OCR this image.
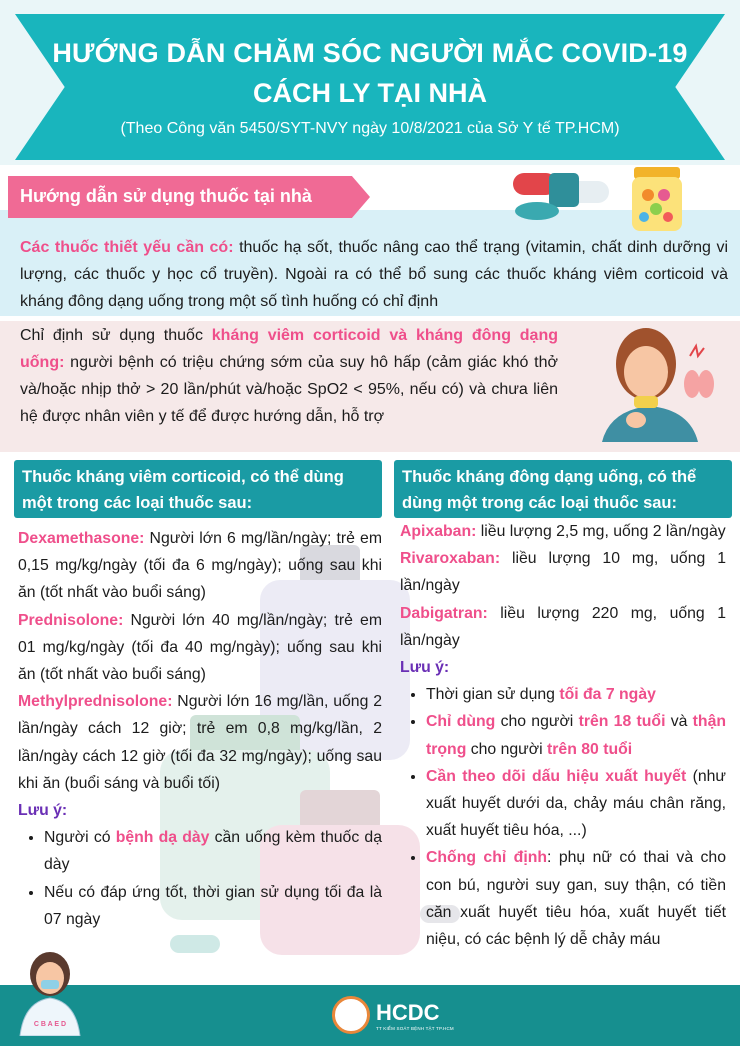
HƯỚNG DẪN CHĂM SÓC NGƯỜI MẮC COVID-19
CÁCH LY TẠI NHÀ
(Theo Công văn 5450/SYT-NVY ngày 10/8/2021 của Sở Y tế TP.HCM)
Hướng dẫn sử dụng thuốc tại nhà
Các thuốc thiết yếu cần có: thuốc hạ sốt, thuốc nâng cao thể trạng (vitamin, chất dinh dưỡng vi lượng, các thuốc y học cổ truyền). Ngoài ra có thể bổ sung các thuốc kháng viêm corticoid và kháng đông dạng uống trong một số tình huống có chỉ định
Chỉ định sử dụng thuốc kháng viêm corticoid và kháng đông dạng uống: người bệnh có triệu chứng sớm của suy hô hấp (cảm giác khó thở và/hoặc nhịp thở > 20 lần/phút và/hoặc SpO2 < 95%, nếu có) và chưa liên hệ được nhân viên y tế để được hướng dẫn, hỗ trợ
Thuốc kháng viêm corticoid, có thể dùng một trong các loại thuốc sau:
Thuốc kháng đông dạng uống, có thể dùng một trong các loại thuốc sau:

Dexamethasone: Người lớn 6 mg/lần/ngày; trẻ em 0,15 mg/kg/ngày (tối đa 6 mg/ngày); uống sau khi ăn (tốt nhất vào buổi sáng)

Prednisolone: Người lớn 40 mg/lần/ngày; trẻ em 01 mg/kg/ngày (tối đa 40 mg/ngày); uống sau khi ăn (tốt nhất vào buổi sáng)

Methylprednisolone: Người lớn 16 mg/lần, uống 2 lần/ngày cách 12 giờ; trẻ em 0,8 mg/kg/lần, 2 lần/ngày cách 12 giờ (tối đa 32 mg/ngày); uống sau khi ăn (buổi sáng và buổi tối)

Lưu ý:

• Người có bệnh dạ dày cần uống kèm thuốc dạ dày
• Nếu có đáp ứng tốt, thời gian sử dụng tối đa là 07 ngày

Apixaban: liều lượng 2,5 mg, uống 2 lần/ngày

Rivaroxaban: liều lượng 10 mg, uống 1 lần/ngày

Dabigatran: liều lượng 220 mg, uống 1 lần/ngày

Lưu ý:

• Thời gian sử dụng tối đa 7 ngày
• Chỉ dùng cho người trên 18 tuổi và thận trọng cho người trên 80 tuổi
• Cần theo dõi dấu hiệu xuất huyết (như xuất huyết dưới da, chảy máu chân răng, xuất huyết tiêu hóa, ...)
• Chống chỉ định: phụ nữ có thai và cho con bú, người suy gan, suy thận, có tiền căn xuất huyết tiêu hóa, xuất huyết tiết niệu, có các bệnh lý dễ chảy máu
C B A E D	HCDC
TT KIỂM SOÁT BỆNH TẬT TP.HCM
